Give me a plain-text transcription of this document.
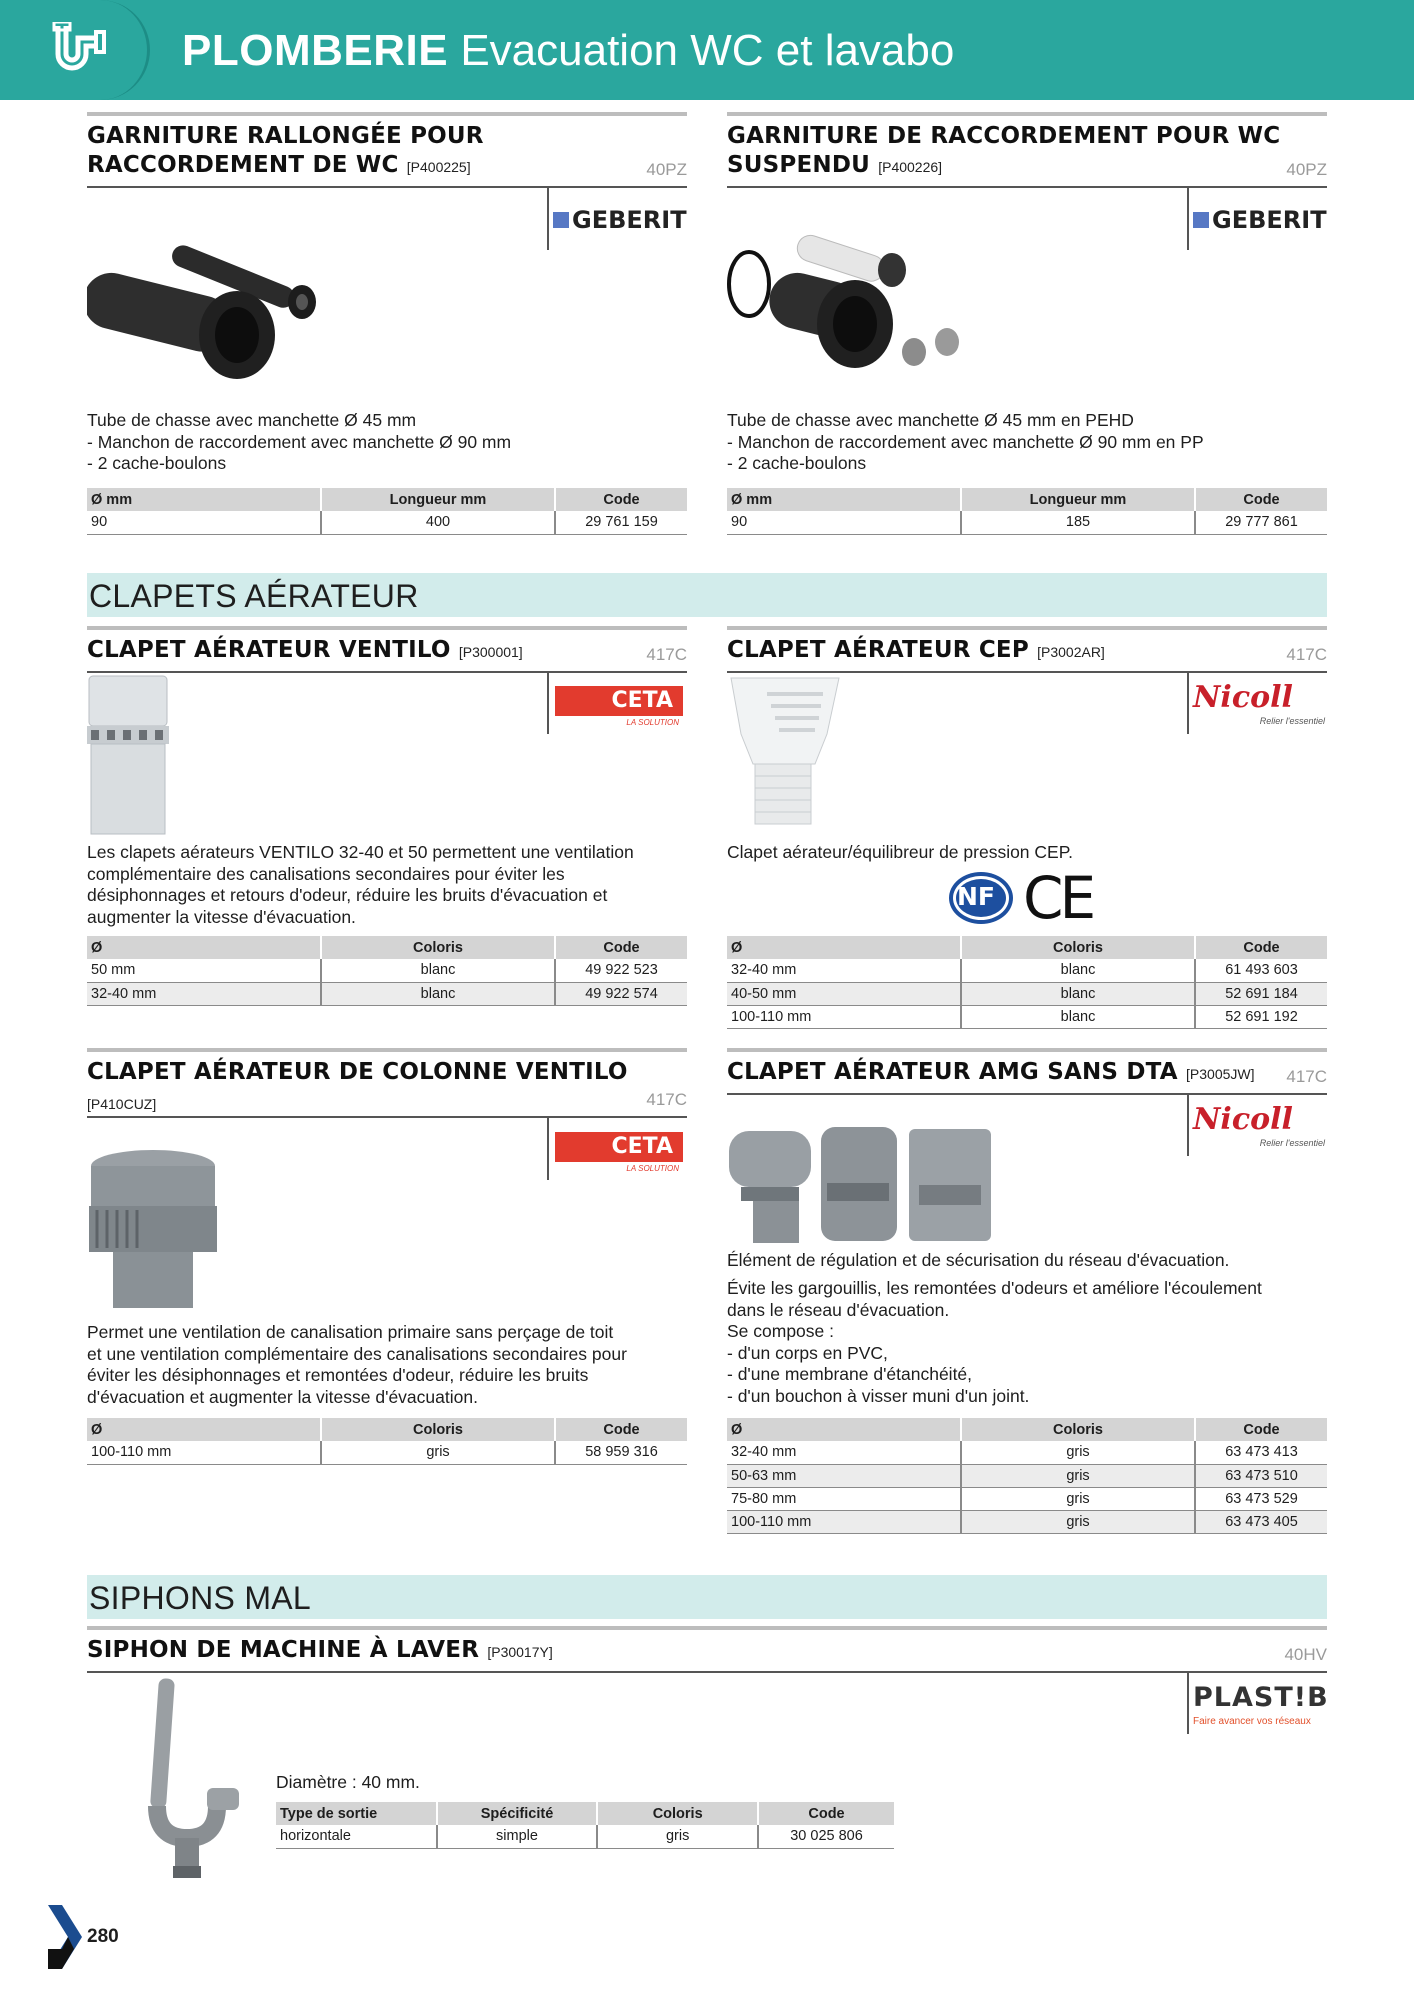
PLOMBERIE Evacuation WC et lavabo
GARNITURE RALLONGÉE POUR
RACCORDEMENT DE WC [P400225]	40PZ
GEBERIT
Tube de chasse avec manchette Ø 45 mm
- Manchon de raccordement avec manchette Ø 90 mm
- 2 cache-boulons
Ø mm	Longueur mm	Code
90	400	29 761 159
GARNITURE DE RACCORDEMENT POUR WC
SUSPENDU [P400226]	40PZ
GEBERIT
Tube de chasse avec manchette Ø 45 mm en PEHD
- Manchon de raccordement avec manchette Ø 90 mm en PP
- 2 cache-boulons
Ø mm	Longueur mm	Code
90	185	29 777 861
CLAPETS AÉRATEUR
CLAPET AÉRATEUR VENTILO [P300001]	417C
CETA
LA SOLUTION
Les clapets aérateurs VENTILO 32-40 et 50 permettent une ventilation
complémentaire des canalisations secondaires pour éviter les
désiphonnages et retours d'odeur, réduire les bruits d'évacuation et
augmenter la vitesse d'évacuation.
Ø	Coloris	Code
50 mm	blanc	49 922 523
32-40 mm	blanc	49 922 574
CLAPET AÉRATEUR CEP [P3002AR]	417C
Nicoll
Relier l'essentiel
Clapet aérateur/équilibreur de pression CEP.
NF CE
Ø	Coloris	Code
32-40 mm	blanc	61 493 603
40-50 mm	blanc	52 691 184
100-110 mm	blanc	52 691 192
CLAPET AÉRATEUR DE COLONNE VENTILO
[P410CUZ]	417C
CETA
LA SOLUTION
Permet une ventilation de canalisation primaire sans perçage de toit
et une ventilation complémentaire des canalisations secondaires pour
éviter les désiphonnages et remontées d'odeur, réduire les bruits
d'évacuation et augmenter la vitesse d'évacuation.
Ø	Coloris	Code
100-110 mm	gris	58 959 316
CLAPET AÉRATEUR AMG SANS DTA [P3005JW]	417C
Nicoll
Relier l'essentiel
Élément de régulation et de sécurisation du réseau d'évacuation.
Évite les gargouillis, les remontées d'odeurs et améliore l'écoulement
dans le réseau d'évacuation.
Se compose :
- d'un corps en PVC,
- d'une membrane d'étanchéité,
- d'un bouchon à visser muni d'un joint.
Ø	Coloris	Code
32-40 mm	gris	63 473 413
50-63 mm	gris	63 473 510
75-80 mm	gris	63 473 529
100-110 mm	gris	63 473 405
SIPHONS MAL
SIPHON DE MACHINE À LAVER [P30017Y]	40HV
PLAST!B
Faire avancer vos réseaux
Diamètre : 40 mm.
Type de sortie	Spécificité	Coloris	Code
horizontale	simple	gris	30 025 806
280
